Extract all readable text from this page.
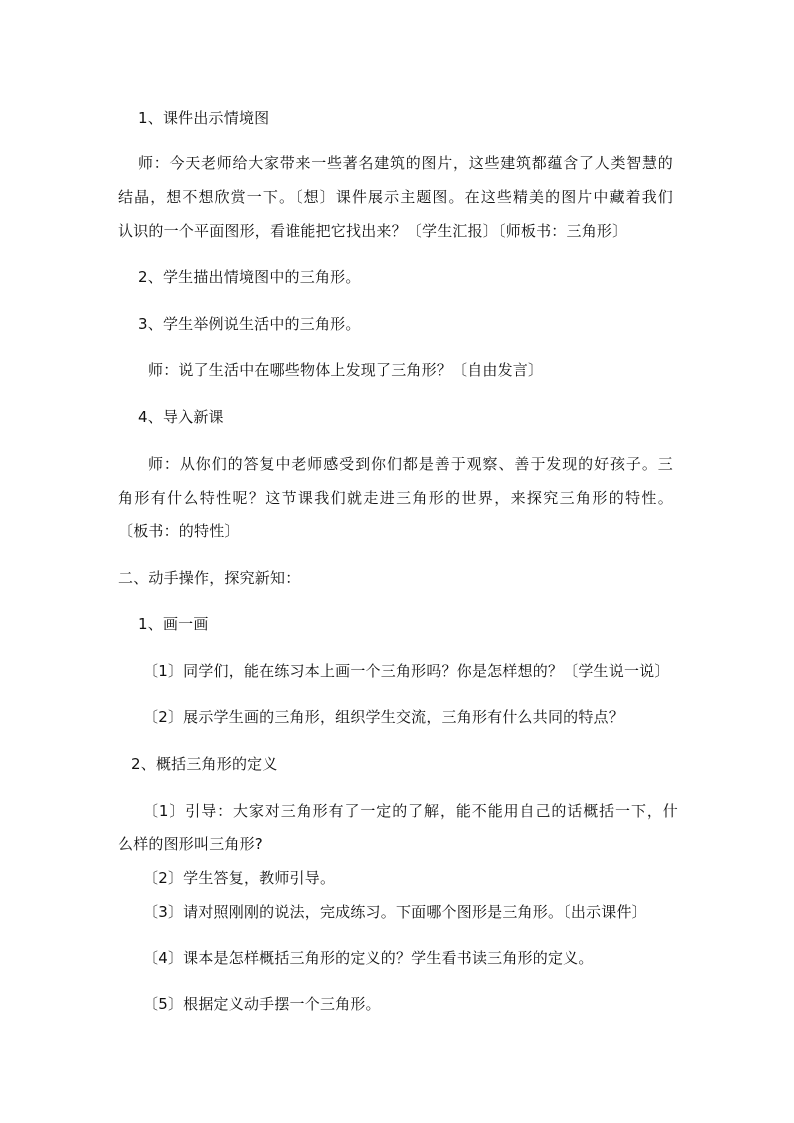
1、课件出示情境图
师：今天老师给大家带来一些著名建筑的图片，这些建筑都蕴含了人类智慧的
结晶，想不想欣赏一下。〔想〕课件展示主题图。在这些精美的图片中藏着我们
认识的一个平面图形，看谁能把它找出来？〔学生汇报〕〔师板书：三角形〕
2、学生描出情境图中的三角形。
3、学生举例说生活中的三角形。
师：说了生活中在哪些物体上发现了三角形？〔自由发言〕
4、导入新课
师：从你们的答复中老师感受到你们都是善于观察、善于发现的好孩子。三
角形有什么特性呢？这节课我们就走进三角形的世界，来探究三角形的特性。
〔板书：的特性〕
二、动手操作，探究新知：
1、画一画
〔1〕同学们，能在练习本上画一个三角形吗？你是怎样想的？〔学生说一说〕
〔2〕展示学生画的三角形，组织学生交流，三角形有什么共同的特点？
2、概括三角形的定义
〔1〕引导：大家对三角形有了一定的了解，能不能用自己的话概括一下，什
么样的图形叫三角形?
〔2〕学生答复，教师引导。
〔3〕请对照刚刚的说法，完成练习。下面哪个图形是三角形。〔出示课件〕
〔4〕课本是怎样概括三角形的定义的？学生看书读三角形的定义。
〔5〕根据定义动手摆一个三角形。
